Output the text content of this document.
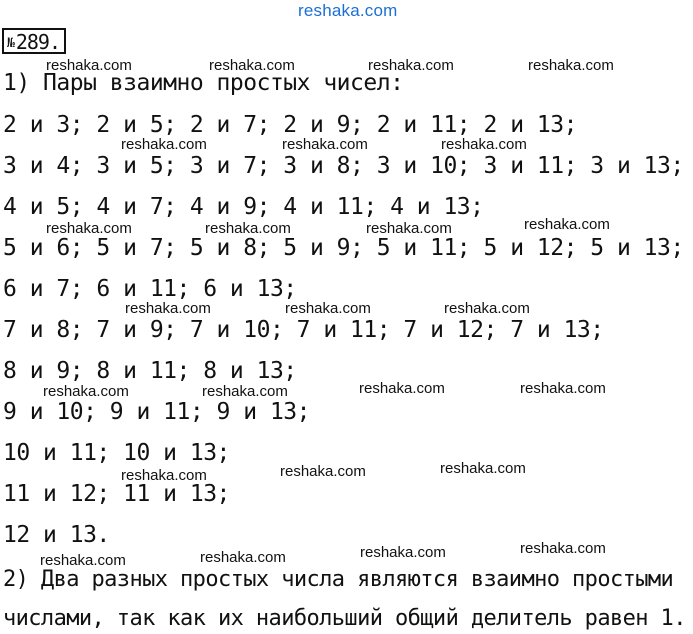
reshaka.com
№ 289.
1) Пары взаимно простых чисел:
2 и 3; 2 и 5; 2 и 7; 2 и 9; 2 и 11; 2 и 13;
3 и 4; 3 и 5; 3 и 7; 3 и 8; 3 и 10; 3 и 11; 3 и 13;
4 и 5; 4 и 7; 4 и 9; 4 и 11; 4 и 13;
5 и 6; 5 и 7; 5 и 8; 5 и 9; 5 и 11; 5 и 12; 5 и 13;
6 и 7; 6 и 11; 6 и 13;
7 и 8; 7 и 9; 7 и 10; 7 и 11; 7 и 12; 7 и 13;
8 и 9; 8 и 11; 8 и 13;
9 и 10; 9 и 11; 9 и 13;
10 и 11; 10 и 13;
11 и 12; 11 и 13;
12 и 13.
2) Два разных простых числа являются взаимно простыми
числами, так как их наибольший общий делитель равен 1.
reshaka.com	reshaka.com	reshaka.com	reshaka.com
reshaka.com	reshaka.com	reshaka.com
reshaka.com	reshaka.com	reshaka.com	reshaka.com
reshaka.com	reshaka.com	reshaka.com
reshaka.com	reshaka.com	reshaka.com	reshaka.com
reshaka.com	reshaka.com	reshaka.com
reshaka.com	reshaka.com	reshaka.com	reshaka.com
